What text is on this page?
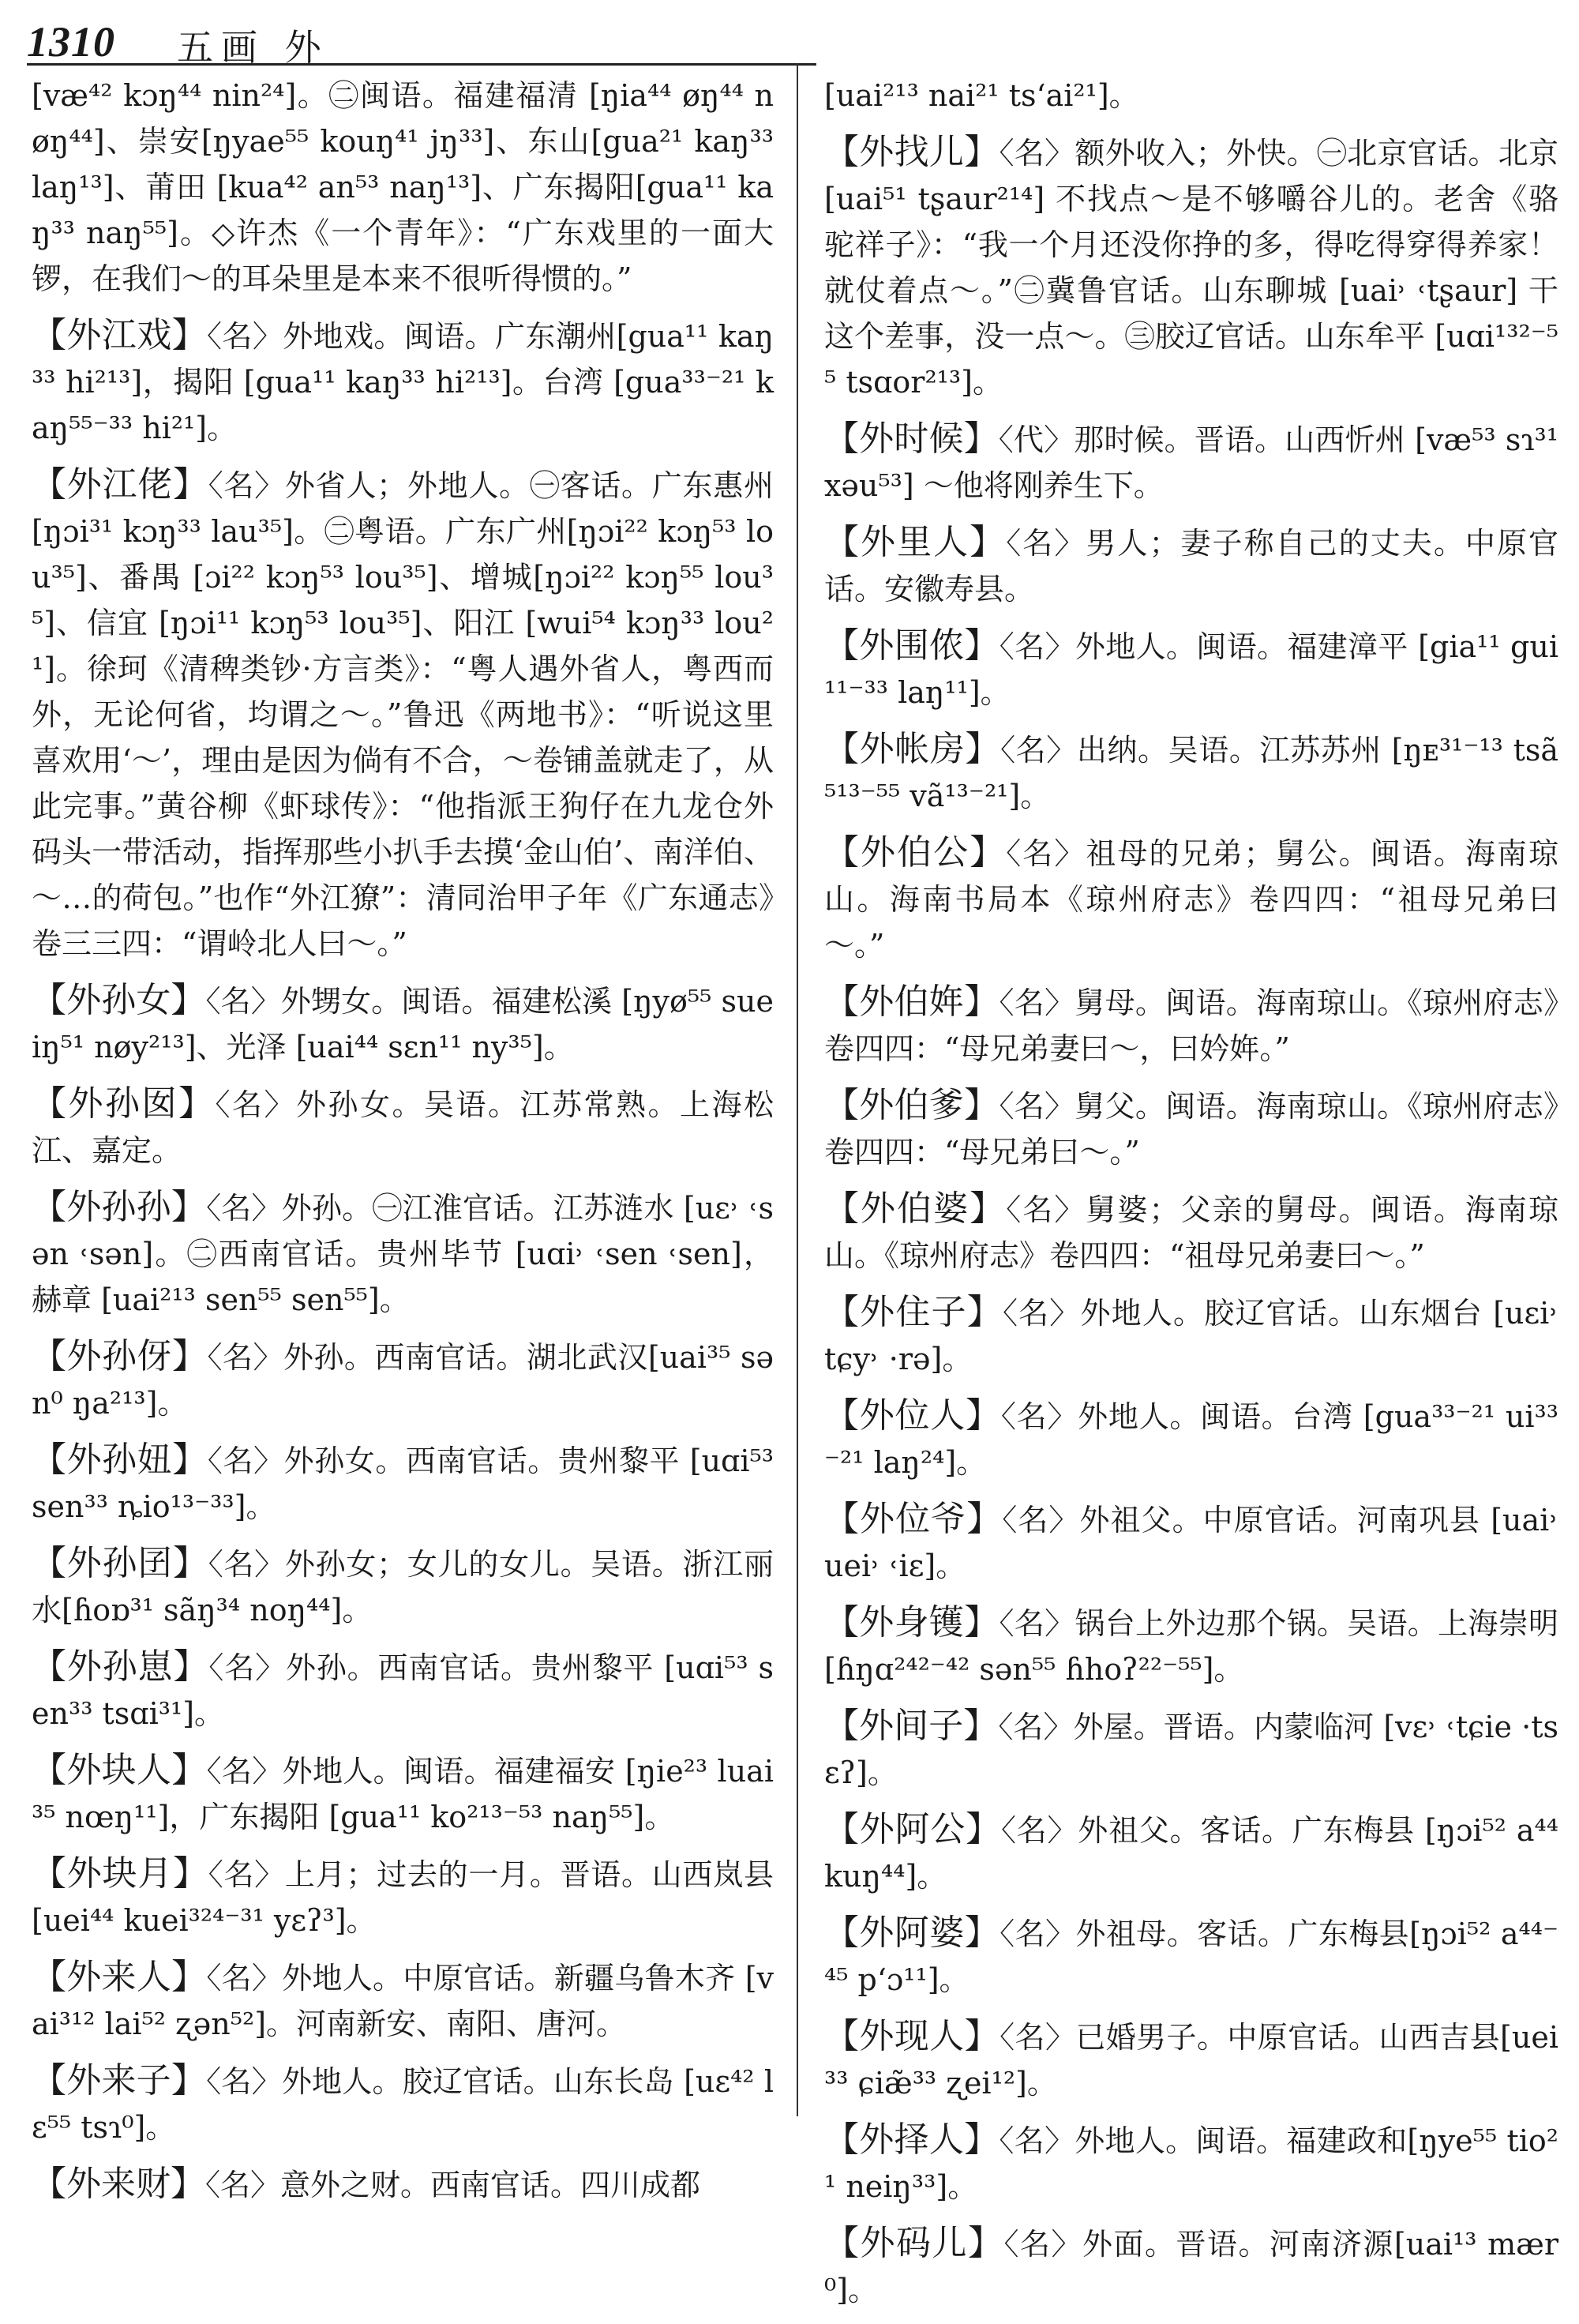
1310 五画 外
[væ⁴² kɔŋ⁴⁴ nin²⁴]。㊁闽语。福建福清 [ŋia⁴⁴ øŋ⁴⁴ nøŋ⁴⁴]、崇安[ŋyae⁵⁵ kouŋ⁴¹ jŋ³³]、东山[gua²¹ kaŋ³³ laŋ¹³]、莆田 [kua⁴² an⁵³ naŋ¹³]、广东揭阳[gua¹¹ kaŋ³³ naŋ⁵⁵]。◇许杰《一个青年》：“广东戏里的一面大锣，在我们～的耳朵里是本来不很听得惯的。”
【外江戏】〈名〉外地戏。闽语。广东潮州[gua¹¹ kaŋ³³ hi²¹³]，揭阳 [gua¹¹ kaŋ³³ hi²¹³]。台湾 [gua³³⁻²¹ kaŋ⁵⁵⁻³³ hi²¹]。
【外江佬】〈名〉外省人；外地人。㊀客话。广东惠州 [ŋɔi³¹ kɔŋ³³ lau³⁵]。㊁粤语。广东广州[ŋɔi²² kɔŋ⁵³ lou³⁵]、番禺 [ɔi²² kɔŋ⁵³ lou³⁵]、增城[ŋɔi²² kɔŋ⁵⁵ lou³⁵]、信宜 [ŋɔi¹¹ kɔŋ⁵³ lou³⁵]、阳江 [wui⁵⁴ kɔŋ³³ lou²¹]。徐珂《清稗类钞·方言类》：“粤人遇外省人，粤西而外，无论何省，均谓之～。”鲁迅《两地书》：“听说这里喜欢用‘～’，理由是因为倘有不合，～卷铺盖就走了，从此完事。”黄谷柳《虾球传》：“他指派王狗仔在九龙仓外码头一带活动，指挥那些小扒手去摸‘金山伯’、南洋伯、～…的荷包。”也作“外江獠”：清同治甲子年《广东通志》卷三三四：“谓岭北人曰～。”
【外孙女】〈名〉外甥女。闽语。福建松溪 [ŋyø⁵⁵ sueiŋ⁵¹ nøy²¹³]、光泽 [uai⁴⁴ sɛn¹¹ ny³⁵]。
【外孙囡】〈名〉外孙女。吴语。江苏常熟。上海松江、嘉定。
【外孙孙】〈名〉外孙。㊀江淮官话。江苏涟水 [uɛ˒ ˓sən ˓sən]。㊁西南官话。贵州毕节 [uɑi˒ ˓sen ˓sen]，赫章 [uai²¹³ sen⁵⁵ sen⁵⁵]。
【外孙伢】〈名〉外孙。西南官话。湖北武汉[uai³⁵ sən⁰ ŋa²¹³]。
【外孙妞】〈名〉外孙女。西南官话。贵州黎平 [uɑi⁵³ sen³³ ȵio¹³⁻³³]。
【外孙囝】〈名〉外孙女；女儿的女儿。吴语。浙江丽水[ɦoɒ³¹ sãŋ³⁴ noŋ⁴⁴]。
【外孙崽】〈名〉外孙。西南官话。贵州黎平 [uɑi⁵³ sen³³ tsɑi³¹]。
【外块人】〈名〉外地人。闽语。福建福安 [ŋie²³ luai³⁵ nœŋ¹¹]，广东揭阳 [gua¹¹ ko²¹³⁻⁵³ naŋ⁵⁵]。
【外块月】〈名〉上月；过去的一月。晋语。山西岚县 [uei⁴⁴ kuei³²⁴⁻³¹ yɛʔ³]。
【外来人】〈名〉外地人。中原官话。新疆乌鲁木齐 [vai³¹² lai⁵² ʐən⁵²]。河南新安、南阳、唐河。
【外来子】〈名〉外地人。胶辽官话。山东长岛 [uɛ⁴² lɛ⁵⁵ tsɿ⁰]。
【外来财】〈名〉意外之财。西南官话。四川成都
[uai²¹³ nai²¹ ts‘ai²¹]。
【外找儿】〈名〉额外收入；外快。㊀北京官话。北京 [uai⁵¹ tʂaur²¹⁴] 不找点～是不够嚼谷儿的。老舍《骆驼祥子》：“我一个月还没你挣的多，得吃得穿得养家！就仗着点～。”㊁冀鲁官话。山东聊城 [uai˒ ˓tʂaur] 干这个差事，没一点～。㊂胶辽官话。山东牟平 [uɑi¹³²⁻⁵⁵ tsɑor²¹³]。
【外时候】〈代〉那时候。晋语。山西忻州 [væ⁵³ sɿ³¹ xəu⁵³] ～他将刚养生下。
【外里人】〈名〉男人；妻子称自己的丈夫。中原官话。安徽寿县。
【外围侬】〈名〉外地人。闽语。福建漳平 [gia¹¹ gui¹¹⁻³³ laŋ¹¹]。
【外帐房】〈名〉出纳。吴语。江苏苏州 [ŋᴇ³¹⁻¹³ tsã⁵¹³⁻⁵⁵ vã¹³⁻²¹]。
【外伯公】〈名〉祖母的兄弟；舅公。闽语。海南琼山。海南书局本《琼州府志》卷四四：“祖母兄弟曰～。”
【外伯姩】〈名〉舅母。闽语。海南琼山。《琼州府志》卷四四：“母兄弟妻曰～，曰妗姩。”
【外伯爹】〈名〉舅父。闽语。海南琼山。《琼州府志》卷四四：“母兄弟曰～。”
【外伯婆】〈名〉舅婆；父亲的舅母。闽语。海南琼山。《琼州府志》卷四四：“祖母兄弟妻曰～。”
【外住子】〈名〉外地人。胶辽官话。山东烟台 [uɛi˒ tɕy˒ ·rə]。
【外位人】〈名〉外地人。闽语。台湾 [gua³³⁻²¹ ui³³⁻²¹ laŋ²⁴]。
【外位爷】〈名〉外祖父。中原官话。河南巩县 [uai˒ uei˒ ˓iɛ]。
【外身镬】〈名〉锅台上外边那个锅。吴语。上海崇明 [ɦŋɑ²⁴²⁻⁴² sən⁵⁵ ɦhoʔ²²⁻⁵⁵]。
【外间子】〈名〉外屋。晋语。内蒙临河 [vɛ˒ ˓tɕie ·tsɛʔ]。
【外阿公】〈名〉外祖父。客话。广东梅县 [ŋɔi⁵² a⁴⁴ kuŋ⁴⁴]。
【外阿婆】〈名〉外祖母。客话。广东梅县[ŋɔi⁵² a⁴⁴⁻⁴⁵ p‘ɔ¹¹]。
【外现人】〈名〉已婚男子。中原官话。山西吉县[uei³³ ɕiæ̃³³ ʐei¹²]。
【外择人】〈名〉外地人。闽语。福建政和[ŋye⁵⁵ tio²¹ neiŋ³³]。
【外码儿】〈名〉外面。晋语。河南济源[uai¹³ mær⁰]。
